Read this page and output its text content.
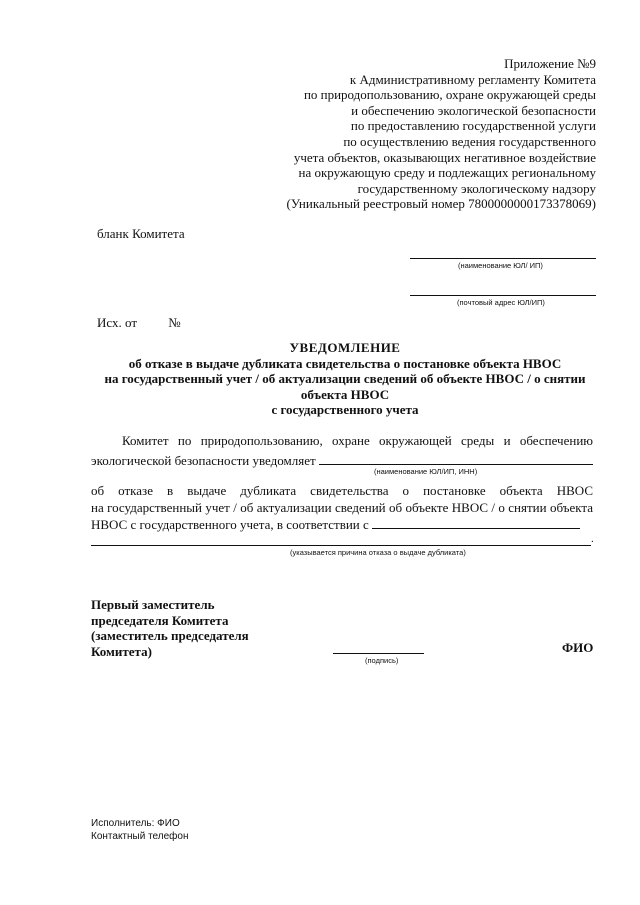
Приложение №9
к Административному регламенту Комитета
по природопользованию, охране окружающей среды
и обеспечению экологической безопасности
по предоставлению государственной услуги
по осуществлению ведения государственного
учета объектов, оказывающих негативное воздействие
на окружающую среду и подлежащих региональному
государственному экологическому надзору
(Уникальный реестровый номер 7800000000173378069)
бланк Комитета
(наименование ЮЛ/ ИП)
(почтовый адрес ЮЛ/ИП)
Исх. от №
УВЕДОМЛЕНИЕ
об отказе в выдаче дубликата свидетельства о постановке объекта НВОС
на государственный учет / об актуализации сведений об объекте НВОС / о снятии
объекта НВОС
с государственного учета
Комитет по природопользованию, охране окружающей среды и обеспечению
экологической безопасности уведомляет
(наименование ЮЛ/ИП, ИНН)
об отказе в выдаче дубликата свидетельства о постановке объекта НВОС
на государственный учет / об актуализации сведений об объекте НВОС / о снятии объекта
НВОС с государственного учета, в соответствии с
.
(указывается причина отказа о выдаче дубликата)
Первый заместитель
председателя Комитета
(заместитель председателя
Комитета)
(подпись)
ФИО
Исполнитель: ФИО
Контактный телефон
